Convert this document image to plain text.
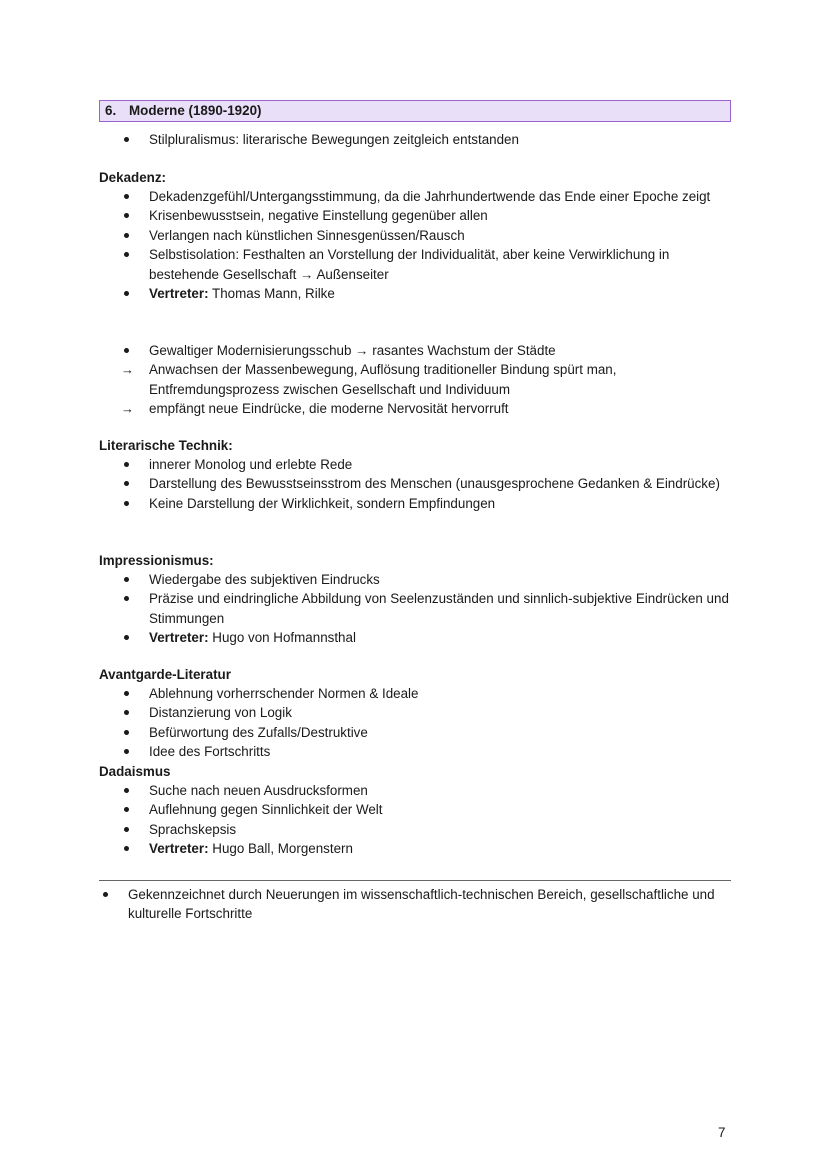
6. Moderne (1890-1920)
Stilpluralismus: literarische Bewegungen zeitgleich entstanden
Dekadenz:
Dekadenzgefühl/Untergangsstimmung, da die Jahrhundertwende das Ende einer Epoche zeigt
Krisenbewusstsein, negative Einstellung gegenüber allen
Verlangen nach künstlichen Sinnesgenüssen/Rausch
Selbstisolation: Festhalten an Vorstellung der Individualität, aber keine Verwirklichung in bestehende Gesellschaft → Außenseiter
Vertreter: Thomas Mann, Rilke
Gewaltiger Modernisierungsschub → rasantes Wachstum der Städte
→ Anwachsen der Massenbewegung, Auflösung traditioneller Bindung spürt man, Entfremdungsprozess zwischen Gesellschaft und Individuum
→ empfängt neue Eindrücke, die moderne Nervosität hervorruft
Literarische Technik:
innerer Monolog und erlebte Rede
Darstellung des Bewusstseinsstrom des Menschen (unausgesprochene Gedanken & Eindrücke)
Keine Darstellung der Wirklichkeit, sondern Empfindungen
Impressionismus:
Wiedergabe des subjektiven Eindrucks
Präzise und eindringliche Abbildung von Seelenzuständen und sinnlich-subjektive Eindrücken und Stimmungen
Vertreter: Hugo von Hofmannsthal
Avantgarde-Literatur
Ablehnung vorherrschender Normen & Ideale
Distanzierung von Logik
Befürwortung des Zufalls/Destruktive
Idee des Fortschritts
Dadaismus
Suche nach neuen Ausdrucksformen
Auflehnung gegen Sinnlichkeit der Welt
Sprachskepsis
Vertreter: Hugo Ball, Morgenstern
Gekennzeichnet durch Neuerungen im wissenschaftlich-technischen Bereich, gesellschaftliche und kulturelle Fortschritte
7
